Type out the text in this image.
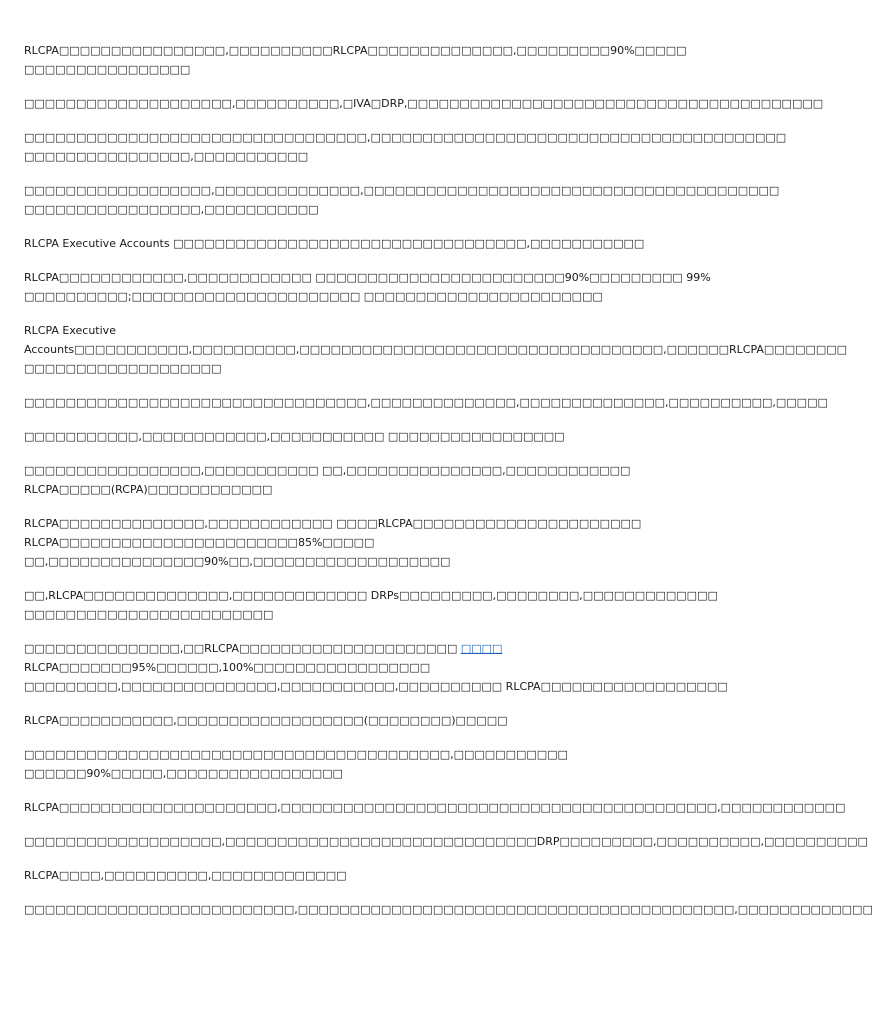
RLCPA□□□□□□□□□□□□□□□□,□□□□□□□□□□RLCPA□□□□□□□□□□□□□□,□□□□□□□□□90%□□□□□
□□□□□□□□□□□□□□□□
□□□□□□□□□□□□□□□□□□□□,□□□□□□□□□□,□IVA□DRP,□□□□□□□□□□□□□□□□□□□□□□□□□□□□□□□□□□□□□□□□
□□□□□□□□□□□□□□□□□□□□□□□□□□□□□□□□□,□□□□□□□□□□□□□□□□□□□□□□□□□□□□□□□□□□□□□□□□
□□□□□□□□□□□□□□□□,□□□□□□□□□□□
□□□□□□□□□□□□□□□□□□,□□□□□□□□□□□□□□,□□□□□□□□□□□□□□□□□□□□□□□□□□□□□□□□□□□□□□□□
□□□□□□□□□□□□□□□□□,□□□□□□□□□□□
RLCPA Executive Accounts □□□□□□□□□□□□□□□□□□□□□□□□□□□□□□□□□□,□□□□□□□□□□□
RLCPA□□□□□□□□□□□□,□□□□□□□□□□□□ □□□□□□□□□□□□□□□□□□□□□□□□90%□□□□□□□□□ 99%
□□□□□□□□□□;□□□□□□□□□□□□□□□□□□□□□□ □□□□□□□□□□□□□□□□□□□□□□□
RLCPA Executive
Accounts□□□□□□□□□□□,□□□□□□□□□□,□□□□□□□□□□□□□□□□□□□□□□□□□□□□□□□□□□□,□□□□□□RLCPA□□□□□□□□
□□□□□□□□□□□□□□□□□□□
□□□□□□□□□□□□□□□□□□□□□□□□□□□□□□□□□,□□□□□□□□□□□□□□,□□□□□□□□□□□□□□,□□□□□□□□□□,□□□□□
□□□□□□□□□□□,□□□□□□□□□□□□,□□□□□□□□□□□ □□□□□□□□□□□□□□□□□
□□□□□□□□□□□□□□□□□,□□□□□□□□□□□ □□,□□□□□□□□□□□□□□□,□□□□□□□□□□□□
RLCPA□□□□□(RCPA)□□□□□□□□□□□□
RLCPA□□□□□□□□□□□□□□,□□□□□□□□□□□□ □□□□RLCPA□□□□□□□□□□□□□□□□□□□□□□
RLCPA□□□□□□□□□□□□□□□□□□□□□□□85%□□□□□
□□,□□□□□□□□□□□□□□□90%□□,□□□□□□□□□□□□□□□□□□□
□□,RLCPA□□□□□□□□□□□□□□,□□□□□□□□□□□□□ DRPs□□□□□□□□□,□□□□□□□□,□□□□□□□□□□□□□
□□□□□□□□□□□□□□□□□□□□□□□□
□□□□□□□□□□□□□□□,□□RLCPA□□□□□□□□□□□□□□□□□□□□□ □□□□
RLCPA□□□□□□□95%□□□□□□,100%□□□□□□□□□□□□□□□□□
□□□□□□□□□,□□□□□□□□□□□□□□□,□□□□□□□□□□□,□□□□□□□□□□ RLCPA□□□□□□□□□□□□□□□□□□
RLCPA□□□□□□□□□□□,□□□□□□□□□□□□□□□□□□(□□□□□□□□)□□□□□
□□□□□□□□□□□□□□□□□□□□□□□□□□□□□□□□□□□□□□□□□,□□□□□□□□□□□
□□□□□□90%□□□□□,□□□□□□□□□□□□□□□□□
RLCPA□□□□□□□□□□□□□□□□□□□□□,□□□□□□□□□□□□□□□□□□□□□□□□□□□□□□□□□□□□□□□□□□,□□□□□□□□□□□□
□□□□□□□□□□□□□□□□□□□,□□□□□□□□□□□□□□□□□□□□□□□□□□□□□□DRP□□□□□□□□□,□□□□□□□□□□,□□□□□□□□□□
RLCPA□□□□,□□□□□□□□□□,□□□□□□□□□□□□□
□□□□□□□□□□□□□□□□□□□□□□□□□□,□□□□□□□□□□□□□□□□□□□□□□□□□□□□□□□□□□□□□□□□□□,□□□□□□□□□□□□□
